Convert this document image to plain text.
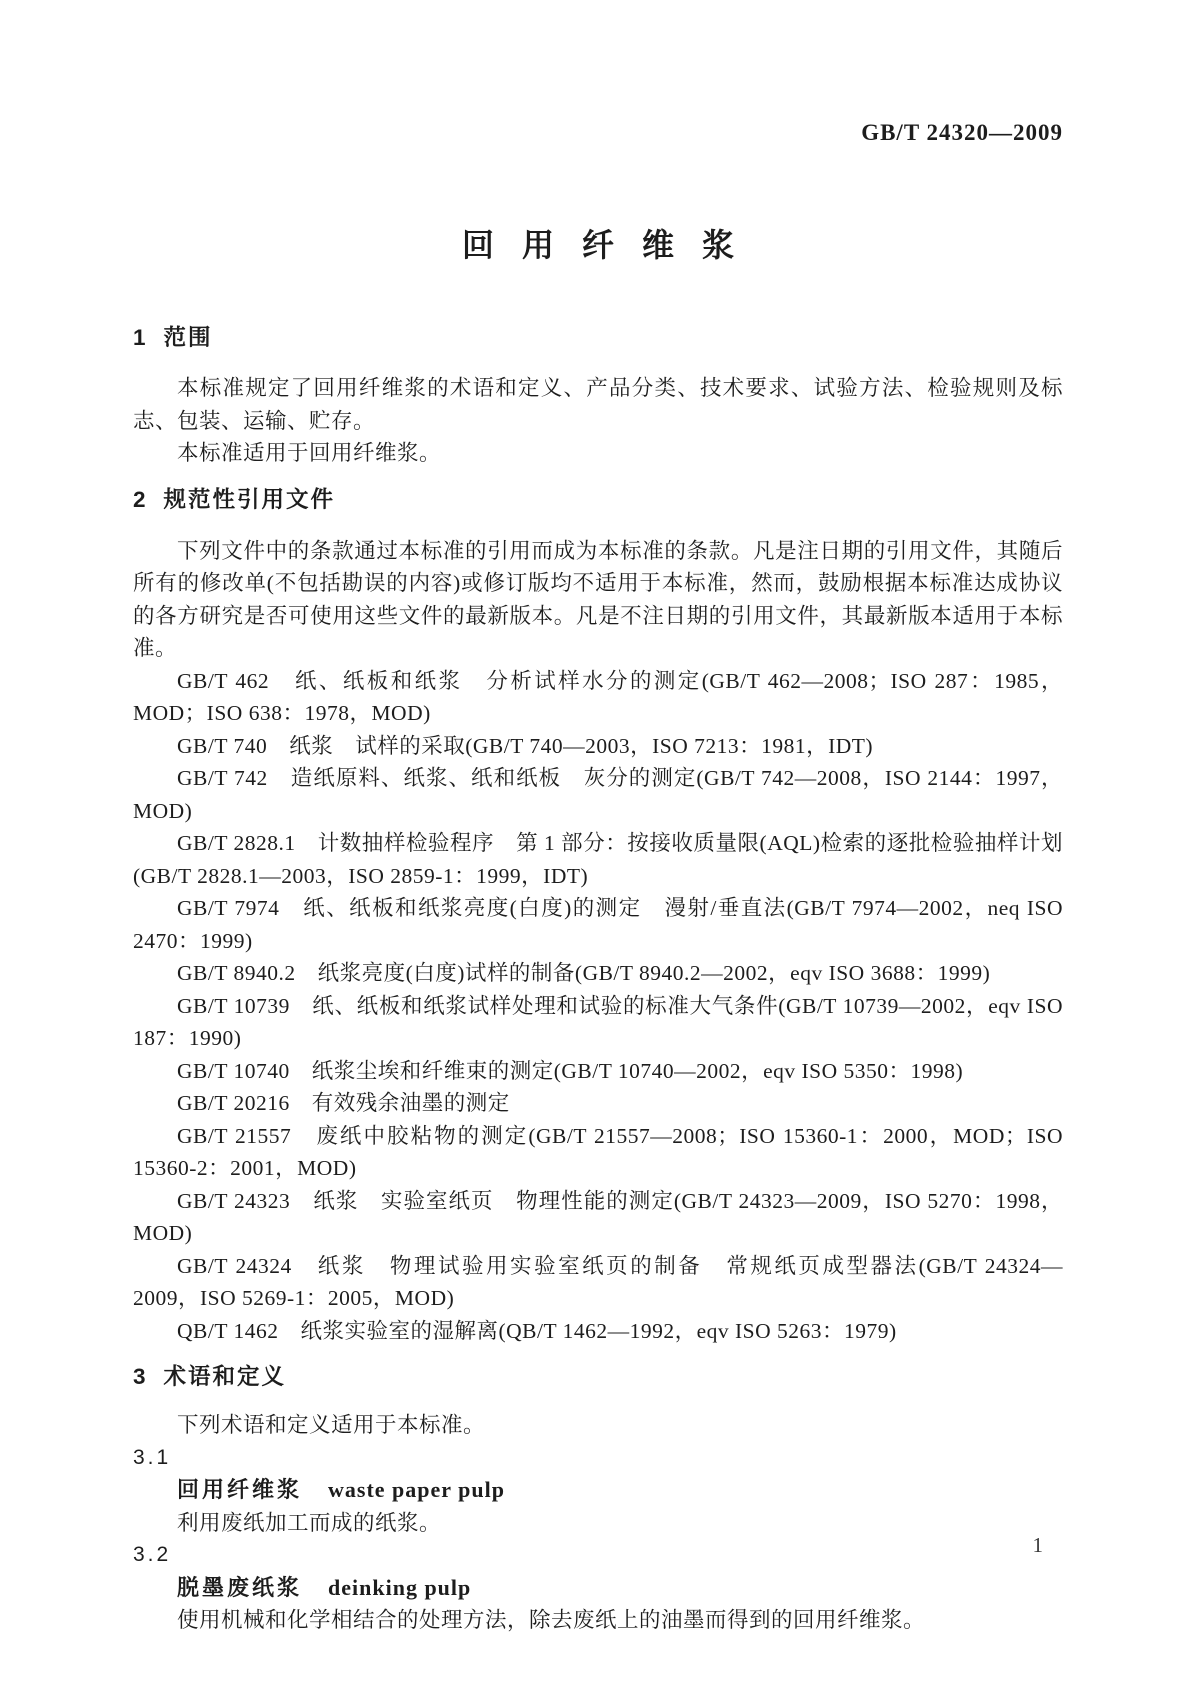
GB/T 24320—2009
回用纤维浆
1 范围

本标准规定了回用纤维浆的术语和定义、产品分类、技术要求、试验方法、检验规则及标志、包装、运输、贮存。

本标准适用于回用纤维浆。

2 规范性引用文件

下列文件中的条款通过本标准的引用而成为本标准的条款。凡是注日期的引用文件，其随后所有的修改单(不包括勘误的内容)或修订版均不适用于本标准，然而，鼓励根据本标准达成协议的各方研究是否可使用这些文件的最新版本。凡是不注日期的引用文件，其最新版本适用于本标准。

GB/T 462　纸、纸板和纸浆　分析试样水分的测定(GB/T 462—2008；ISO 287：1985，MOD；ISO 638：1978，MOD)

GB/T 740　纸浆　试样的采取(GB/T 740—2003，ISO 7213：1981，IDT)

GB/T 742　造纸原料、纸浆、纸和纸板　灰分的测定(GB/T 742—2008，ISO 2144：1997，MOD)

GB/T 2828.1　计数抽样检验程序　第 1 部分：按接收质量限(AQL)检索的逐批检验抽样计划(GB/T 2828.1—2003，ISO 2859-1：1999，IDT)

GB/T 7974　纸、纸板和纸浆亮度(白度)的测定　漫射/垂直法(GB/T 7974—2002，neq ISO 2470：1999)

GB/T 8940.2　纸浆亮度(白度)试样的制备(GB/T 8940.2—2002，eqv ISO 3688：1999)

GB/T 10739　纸、纸板和纸浆试样处理和试验的标准大气条件(GB/T 10739—2002，eqv ISO 187：1990)

GB/T 10740　纸浆尘埃和纤维束的测定(GB/T 10740—2002，eqv ISO 5350：1998)

GB/T 20216　有效残余油墨的测定

GB/T 21557　废纸中胶粘物的测定(GB/T 21557—2008；ISO 15360-1：2000，MOD；ISO 15360-2：2001，MOD)

GB/T 24323　纸浆　实验室纸页　物理性能的测定(GB/T 24323—2009，ISO 5270：1998，MOD)

GB/T 24324　纸浆　物理试验用实验室纸页的制备　常规纸页成型器法(GB/T 24324—2009，ISO 5269-1：2005，MOD)

QB/T 1462　纸浆实验室的湿解离(QB/T 1462—1992，eqv ISO 5263：1979)

3 术语和定义

下列术语和定义适用于本标准。

3.1

回用纤维浆 waste paper pulp

利用废纸加工而成的纸浆。

3.2

脱墨废纸浆 deinking pulp

使用机械和化学相结合的处理方法，除去废纸上的油墨而得到的回用纤维浆。

1
